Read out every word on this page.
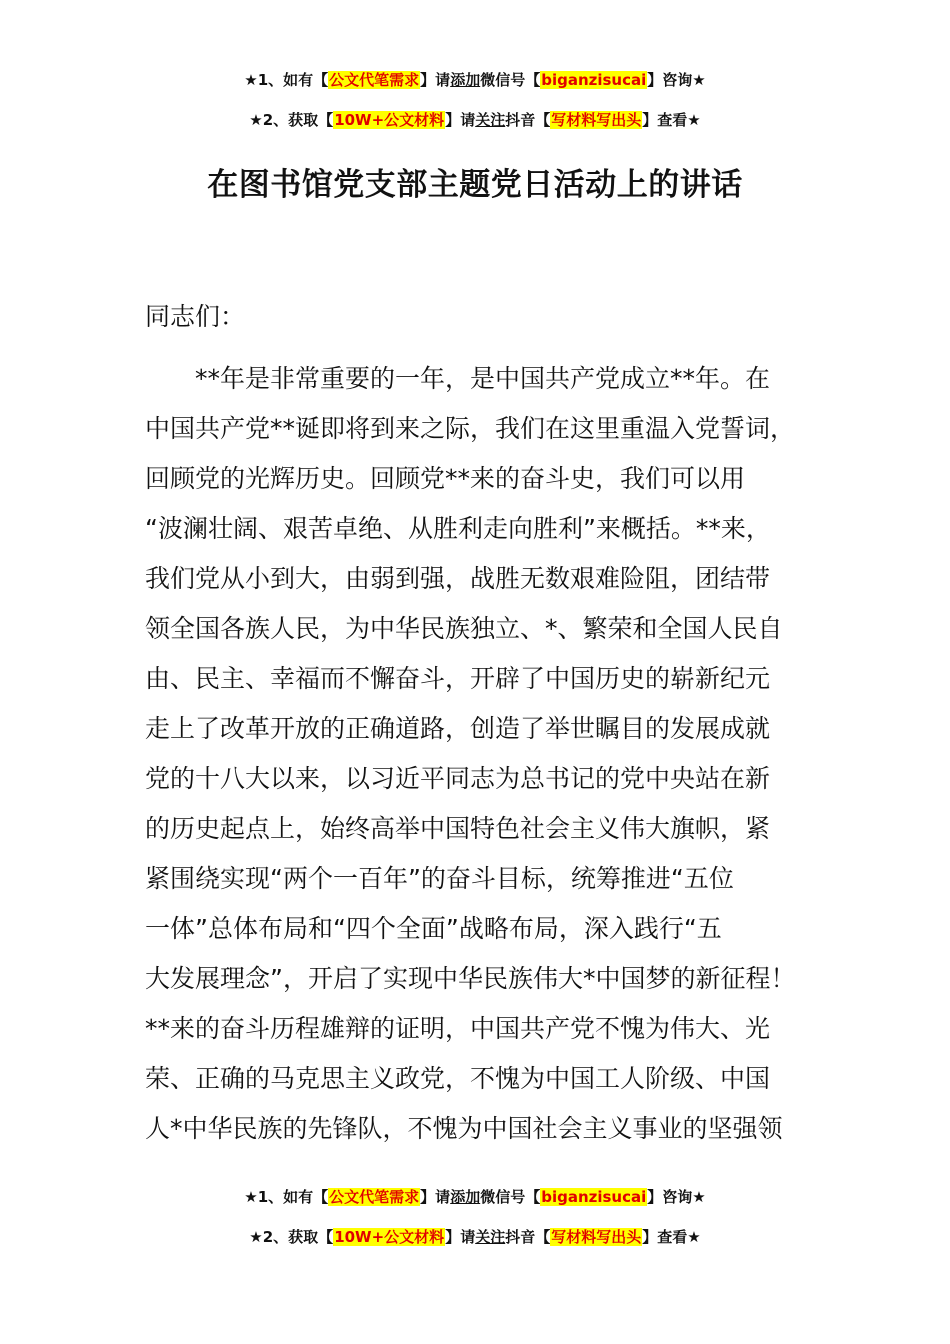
★1、如有【公文代笔需求】请添加微信号【biganzisucai】咨询★
★2、获取【10W+公文材料】请关注抖音【写材料写出头】查看★
在图书馆党支部主题党日活动上的讲话
同志们：
**年是非常重要的一年，是中国共产党成立**年。在
中国共产党**诞即将到来之际，我们在这里重温入党誓词，
回顾党的光辉历史。回顾党**来的奋斗史，我们可以用
“波澜壮阔、艰苦卓绝、从胜利走向胜利”来概括。**来，
我们党从小到大，由弱到强，战胜无数艰难险阻，团结带
领全国各族人民，为中华民族独立、*、繁荣和全国人民自
由、民主、幸福而不懈奋斗，开辟了中国历史的崭新纪元
走上了改革开放的正确道路，创造了举世瞩目的发展成就
党的十八大以来，以习近平同志为总书记的党中央站在新
的历史起点上，始终高举中国特色社会主义伟大旗帜，紧
紧围绕实现“两个一百年”的奋斗目标，统筹推进“五位
一体”总体布局和“四个全面”战略布局，深入践行“五
大发展理念”，开启了实现中华民族伟大*中国梦的新征程！
**来的奋斗历程雄辩的证明，中国共产党不愧为伟大、光
荣、正确的马克思主义政党，不愧为中国工人阶级、中国
人*中华民族的先锋队，不愧为中国社会主义事业的坚强领
★1、如有【公文代笔需求】请添加微信号【biganzisucai】咨询★
★2、获取【10W+公文材料】请关注抖音【写材料写出头】查看★
